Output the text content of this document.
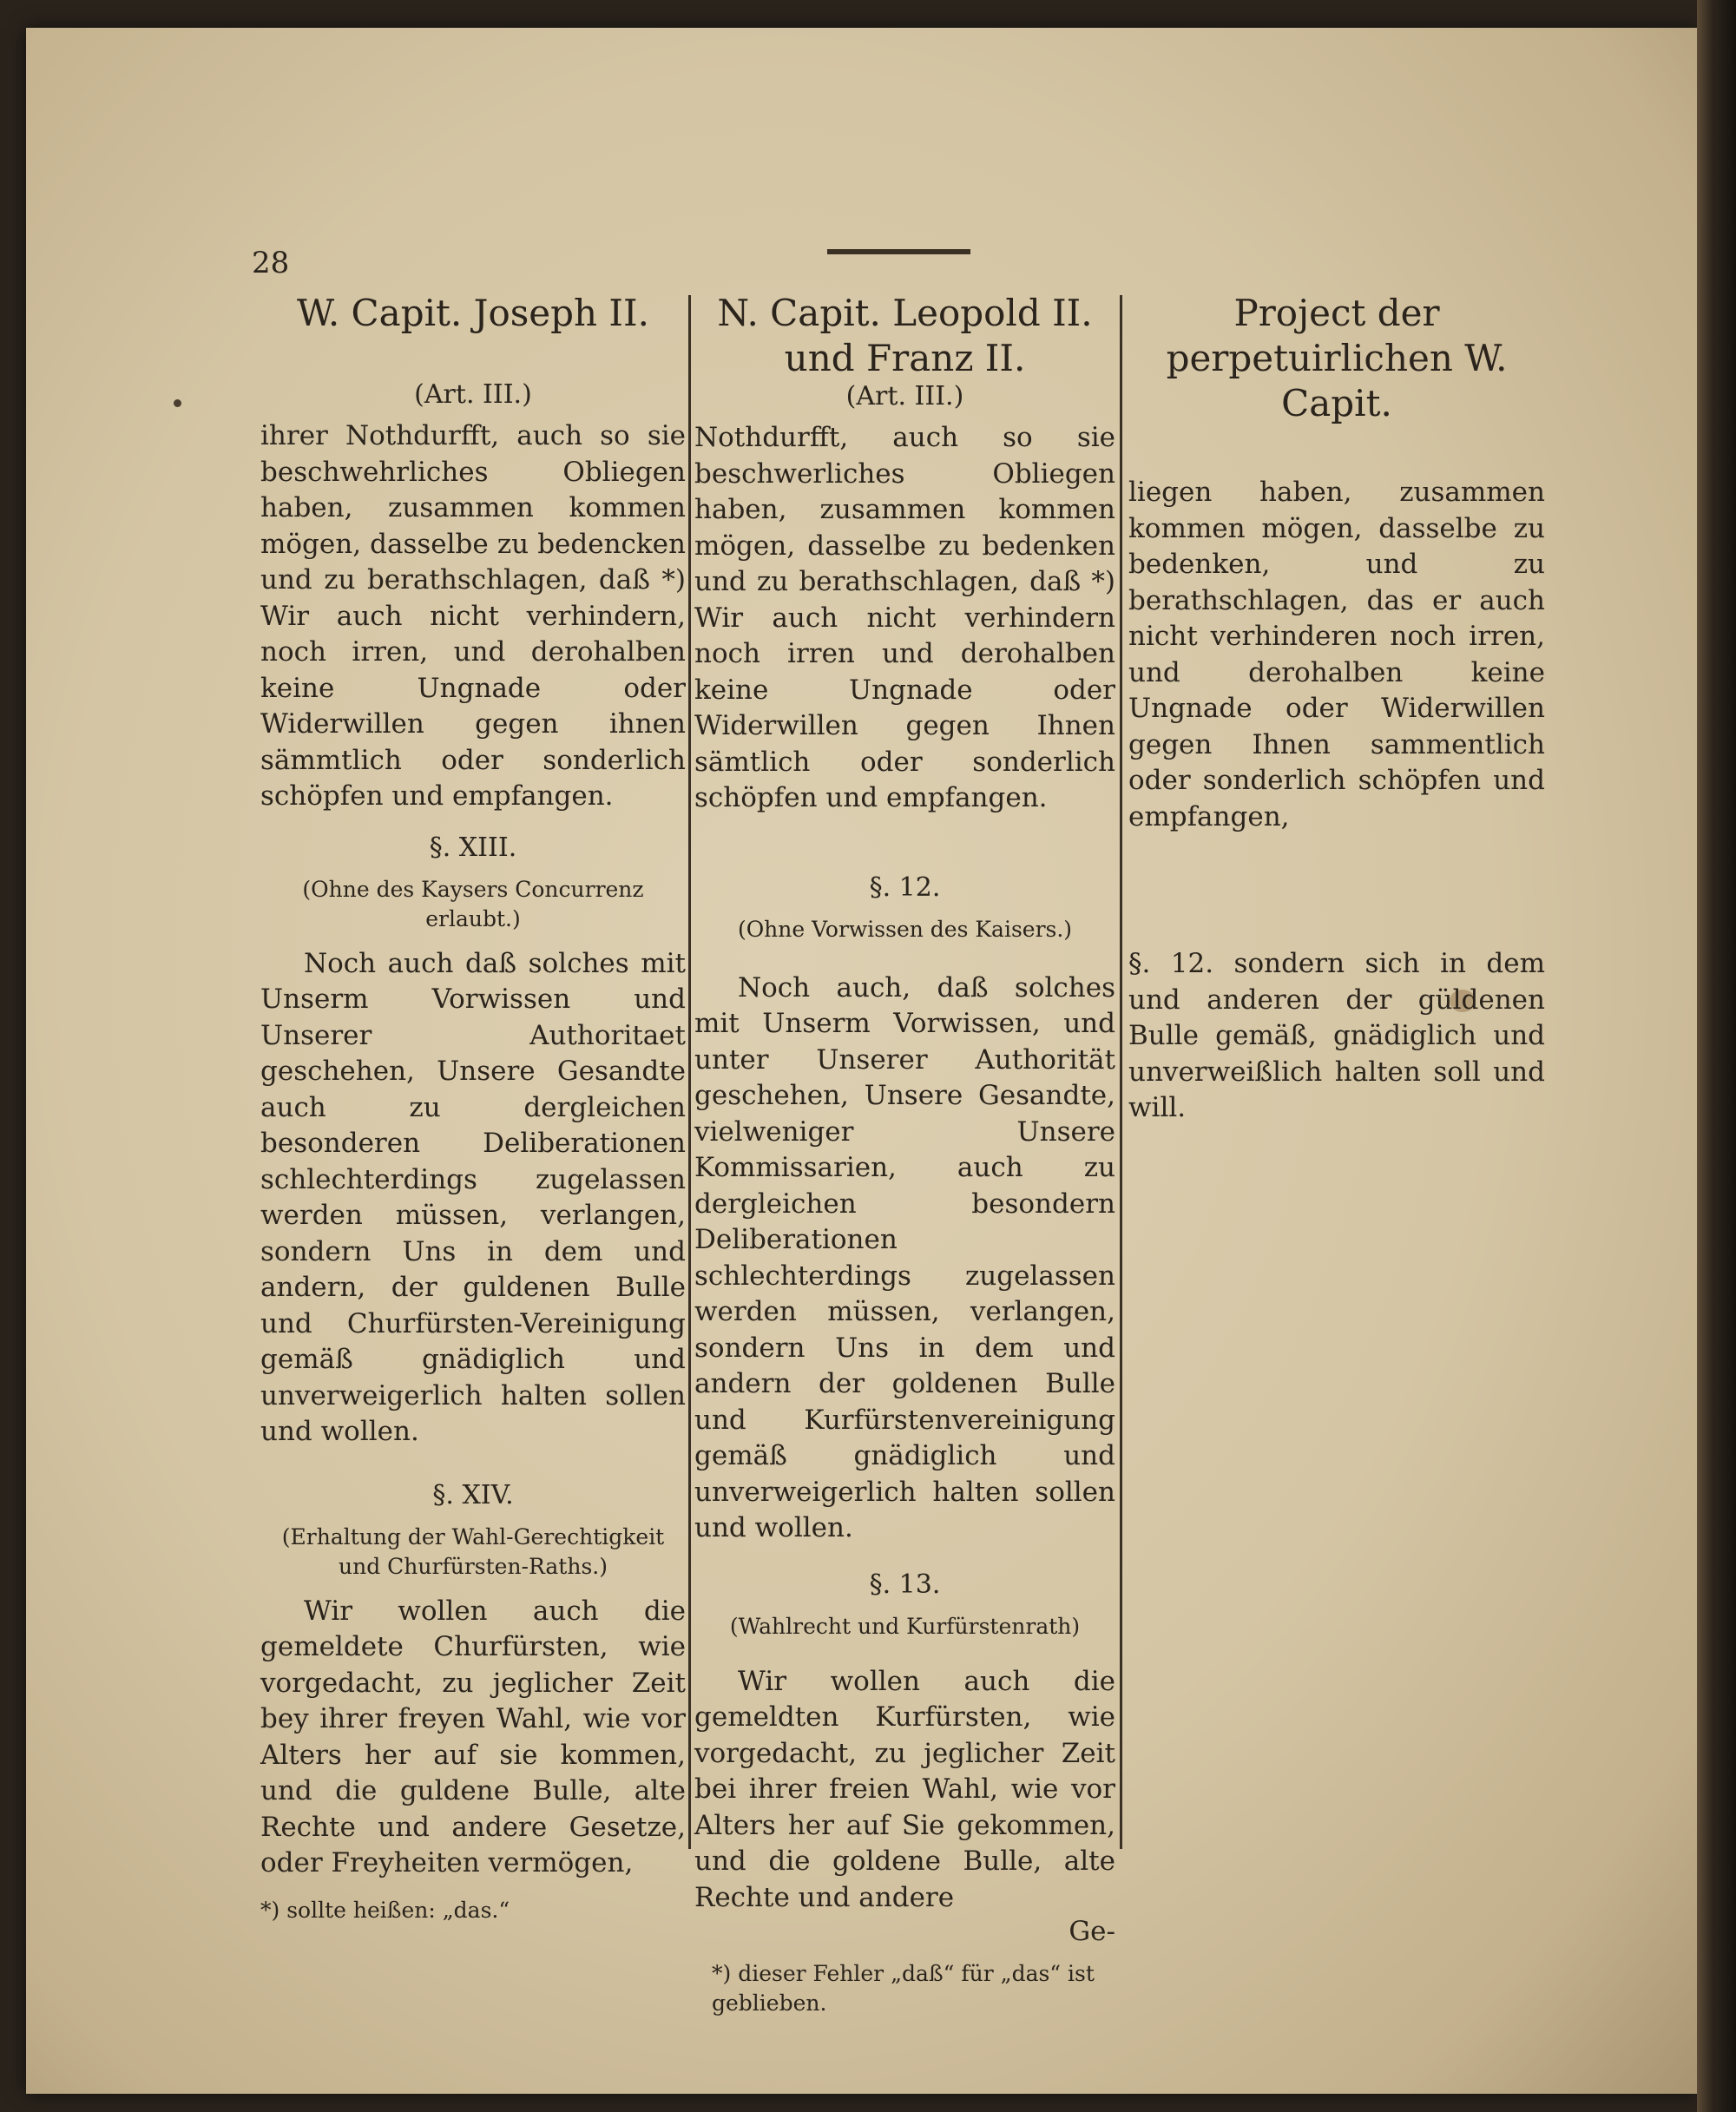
28
W. Capit. Joseph II.
(Art. III.)

ihrer Nothdurfft, auch so sie beschwehrliches Obliegen haben, zusammen kommen mögen, dasselbe zu bedencken und zu berathschlagen, daß *) Wir auch nicht verhindern, noch irren, und derohalben keine Ungnade oder Widerwillen gegen ihnen sämmtlich oder sonderlich schöpfen und empfangen.

§. XIII.
(Ohne des Kaysers Concurrenz erlaubt.)

Noch auch daß solches mit Unserm Vorwissen und Unserer Authoritaet geschehen, Unsere Gesandte auch zu dergleichen besonderen Deliberationen schlechterdings zugelassen werden müssen, verlangen, sondern Uns in dem und andern, der guldenen Bulle und Churfürsten-Vereinigung gemäß gnädiglich und unverweigerlich halten sollen und wollen.

§. XIV.
(Erhaltung der Wahl-Gerechtigkeit und Churfürsten-Raths.)

Wir wollen auch die gemeldete Churfürsten, wie vorgedacht, zu jeglicher Zeit bey ihrer freyen Wahl, wie vor Alters her auf sie kommen, und die guldene Bulle, alte Rechte und andere Gesetze, oder Freyheiten vermögen,

*) sollte heißen: „das.“

N. Capit. Leopold II. und Franz II.
(Art. III.)

Nothdurfft, auch so sie beschwerliches Obliegen haben, zusammen kommen mögen, dasselbe zu bedenken und zu berathschlagen, daß *) Wir auch nicht verhindern noch irren und derohalben keine Ungnade oder Widerwillen gegen Ihnen sämtlich oder sonderlich schöpfen und empfangen.

§. 12.
(Ohne Vorwissen des Kaisers.)

Noch auch, daß solches mit Unserm Vorwissen, und unter Unserer Authorität geschehen, Unsere Gesandte, vielweniger Unsere Kommissarien, auch zu dergleichen besondern Deliberationen schlechterdings zugelassen werden müssen, verlangen, sondern Uns in dem und andern der goldenen Bulle und Kurfürstenvereinigung gemäß gnädiglich und unverweigerlich halten sollen und wollen.

§. 13.
(Wahlrecht und Kurfürstenrath)

Wir wollen auch die gemeldten Kurfürsten, wie vorgedacht, zu jeglicher Zeit bei ihrer freien Wahl, wie vor Alters her auf Sie gekommen, und die goldene Bulle, alte Rechte und andere

Ge-

*) dieser Fehler „daß“ für „das“ ist geblieben.

Project der perpetuirlichen W. Capit.

liegen haben, zusammen kommen mögen, dasselbe zu bedenken, und zu berathschlagen, das er auch nicht verhinderen noch irren, und derohalben keine Ungnade oder Widerwillen gegen Ihnen sammentlich oder sonderlich schöpfen und empfangen,

§. 12. sondern sich in dem und anderen der güldenen Bulle gemäß, gnädiglich und unverweißlich halten soll und will.
